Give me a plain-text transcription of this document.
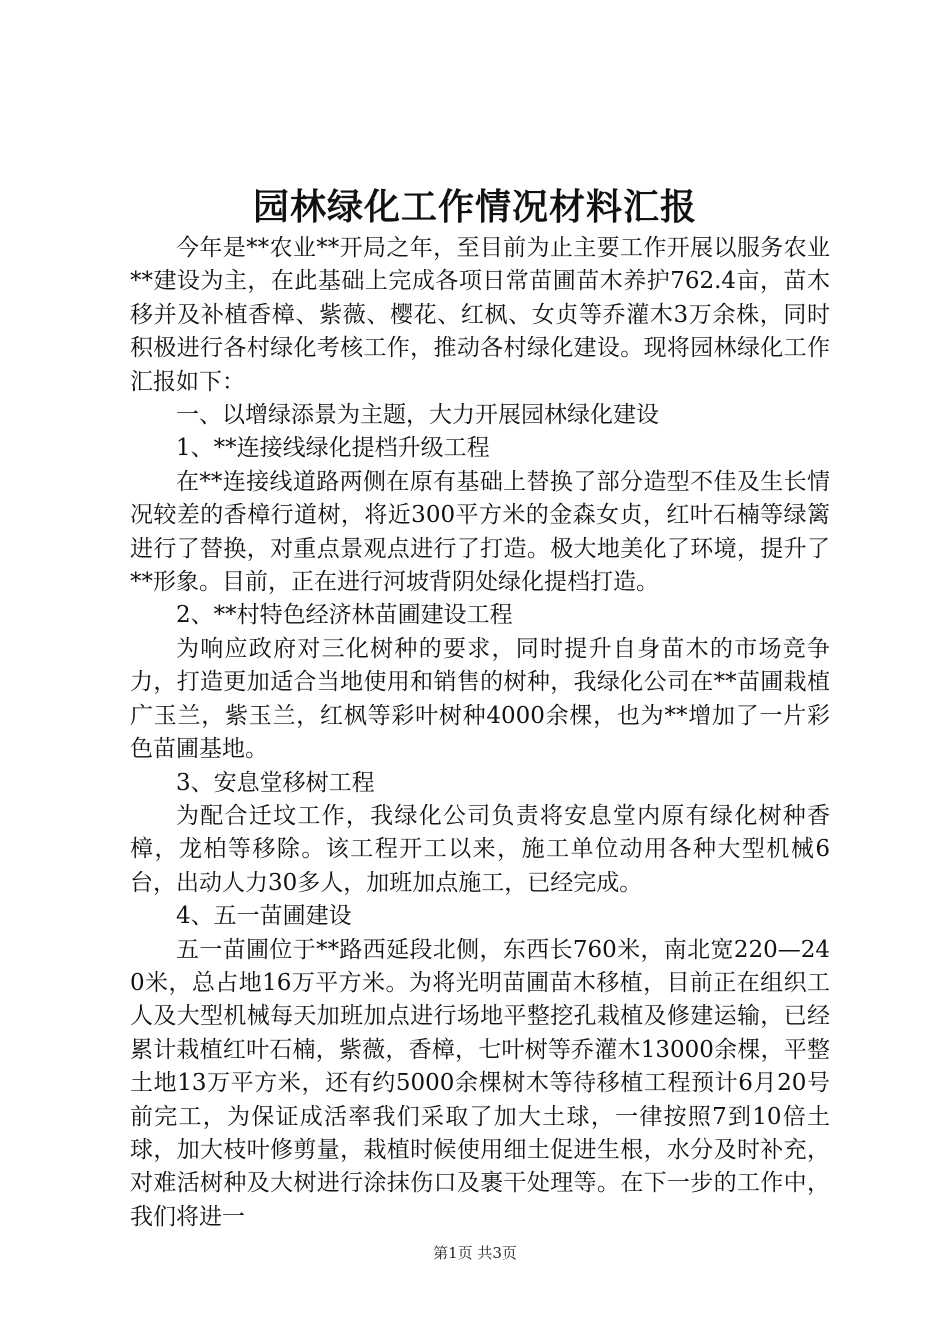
园林绿化工作情况材料汇报

今年是**农业**开局之年，至目前为止主要工作开展以服务农业**建设为主，在此基础上完成各项日常苗圃苗木养护762.4亩，苗木移并及补植香樟、紫薇、樱花、红枫、女贞等乔灌木3万余株，同时积极进行各村绿化考核工作，推动各村绿化建设。现将园林绿化工作汇报如下：

一、以增绿添景为主题，大力开展园林绿化建设

1、**连接线绿化提档升级工程

在**连接线道路两侧在原有基础上替换了部分造型不佳及生长情况较差的香樟行道树，将近300平方米的金森女贞，红叶石楠等绿篱进行了替换，对重点景观点进行了打造。极大地美化了环境，提升了**形象。目前，正在进行河坡背阴处绿化提档打造。

2、**村特色经济林苗圃建设工程

为响应政府对三化树种的要求，同时提升自身苗木的市场竞争力，打造更加适合当地使用和销售的树种，我绿化公司在**苗圃栽植广玉兰，紫玉兰，红枫等彩叶树种4000余棵，也为**增加了一片彩色苗圃基地。

3、安息堂移树工程

为配合迁坟工作，我绿化公司负责将安息堂内原有绿化树种香樟，龙柏等移除。该工程开工以来，施工单位动用各种大型机械6台，出动人力30多人，加班加点施工，已经完成。

4、五一苗圃建设

五一苗圃位于**路西延段北侧，东西长760米，南北宽220—240米，总占地16万平方米。为将光明苗圃苗木移植，目前正在组织工人及大型机械每天加班加点进行场地平整挖孔栽植及修建运输，已经累计栽植红叶石楠，紫薇，香樟，七叶树等乔灌木13000余棵，平整土地13万平方米，还有约5000余棵树木等待移植工程预计6月20号前完工，为保证成活率我们采取了加大土球，一律按照7到10倍土球，加大枝叶修剪量，栽植时候使用细土促进生根，水分及时补充，对难活树种及大树进行涂抹伤口及裹干处理等。在下一步的工作中，我们将进一

第1页 共3页
